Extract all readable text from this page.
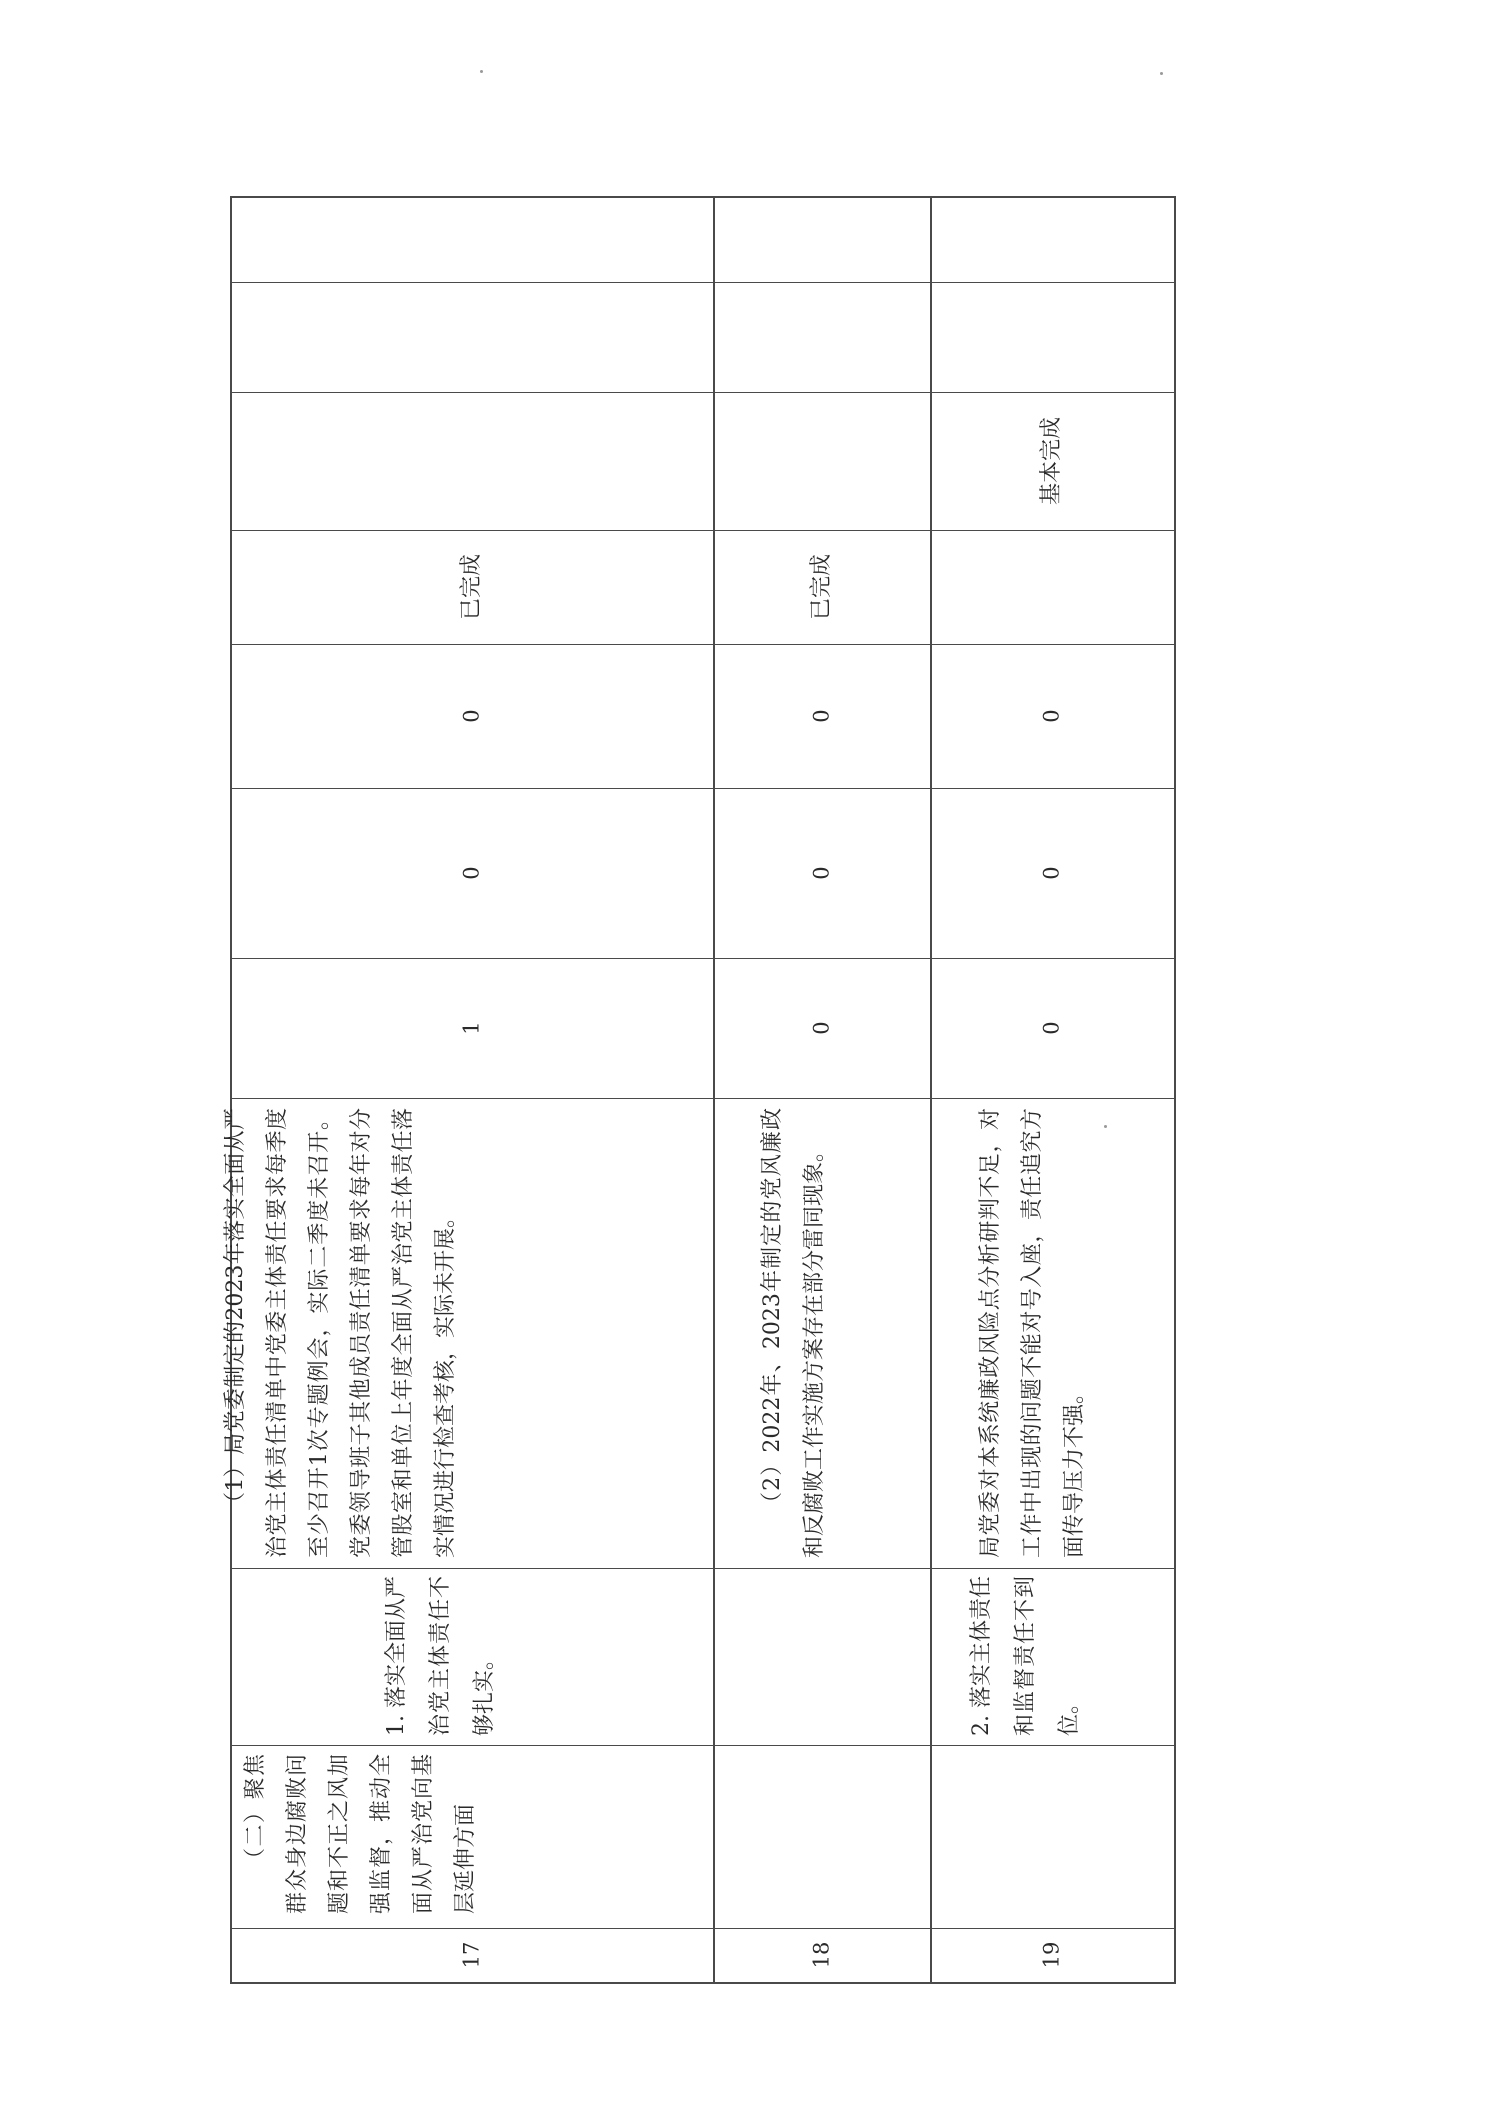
17
（二）聚焦群众身边腐败问题和不正之风加强监督，推动全面从严治党向基层延伸方面
1. 落实全面从严治党主体责任不够扎实。
（1）局党委制定的2023年落实全面从严治党主体责任清单中党委主体责任要求每季度至少召开1次专题例会，实际二季度未召开。党委领导班子其他成员责任清单要求每年对分管股室和单位上年度全面从严治党主体责任落实情况进行检查考核，实际未开展。
1
0
0
已完成
18
（2）2022年、2023年制定的党风廉政和反腐败工作实施方案存在部分雷同现象。
0
0
0
已完成
19
2. 落实主体责任和监督责任不到位。
局党委对本系统廉政风险点分析研判不足，对工作中出现的问题不能对号入座，责任追究方面传导压力不强。
0
0
0
基本完成
